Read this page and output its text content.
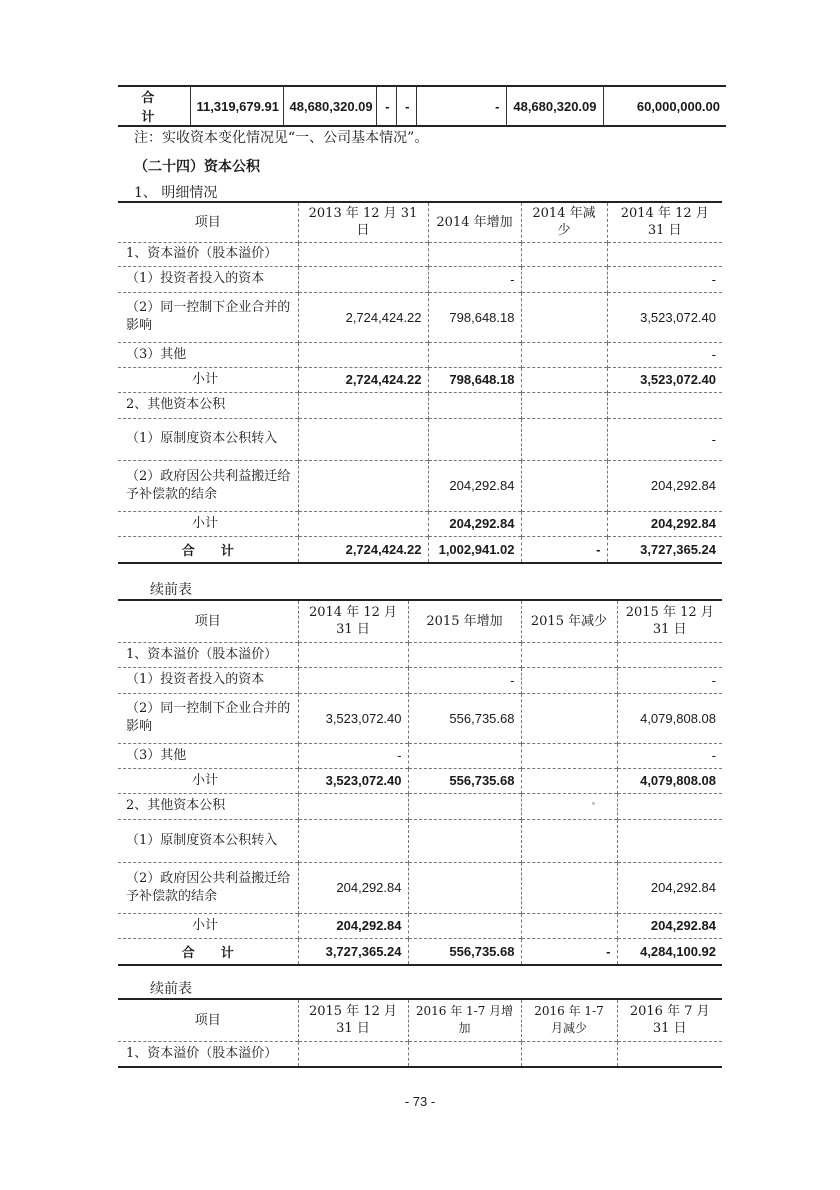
合　计	11,319,679.91	48,680,320.09	-	-	-	48,680,320.09	60,000,000.00
注：实收资本变化情况见“一、公司基本情况”。
（二十四）资本公积
1、 明细情况
项目	2013 年 12 月 31 日	2014 年增加	2014 年减少	2014 年 12 月 31 日
1、资本溢价（股本溢价）				
（1）投资者投入的资本		-		-
（2）同一控制下企业合并的影响	2,724,424.22	798,648.18		3,523,072.40
（3）其他				-
小计	2,724,424.22	798,648.18		3,523,072.40
2、其他资本公积				
（1）原制度资本公积转入				-
（2）政府因公共利益搬迁给予补偿款的结余		204,292.84		204,292.84
小计		204,292.84		204,292.84
合　　计	2,724,424.22	1,002,941.02	-	3,727,365.24
续前表
项目	2014 年 12 月 31 日	2015 年增加	2015 年减少	2015 年 12 月 31 日
1、资本溢价（股本溢价）				
（1）投资者投入的资本		-		-
（2）同一控制下企业合并的影响	3,523,072.40	556,735.68		4,079,808.08
（3）其他	-			-
小计	3,523,072.40	556,735.68		4,079,808.08
2、其他资本公积				
（1）原制度资本公积转入				
（2）政府因公共利益搬迁给予补偿款的结余	204,292.84			204,292.84
小计	204,292.84			204,292.84
合　　计	3,727,365.24	556,735.68	-	4,284,100.92
续前表
项目	2015 年 12 月 31 日	2016 年 1-7 月增加	2016 年 1-7 月减少	2016 年 7 月 31 日
1、资本溢价（股本溢价）				
- 73 -
